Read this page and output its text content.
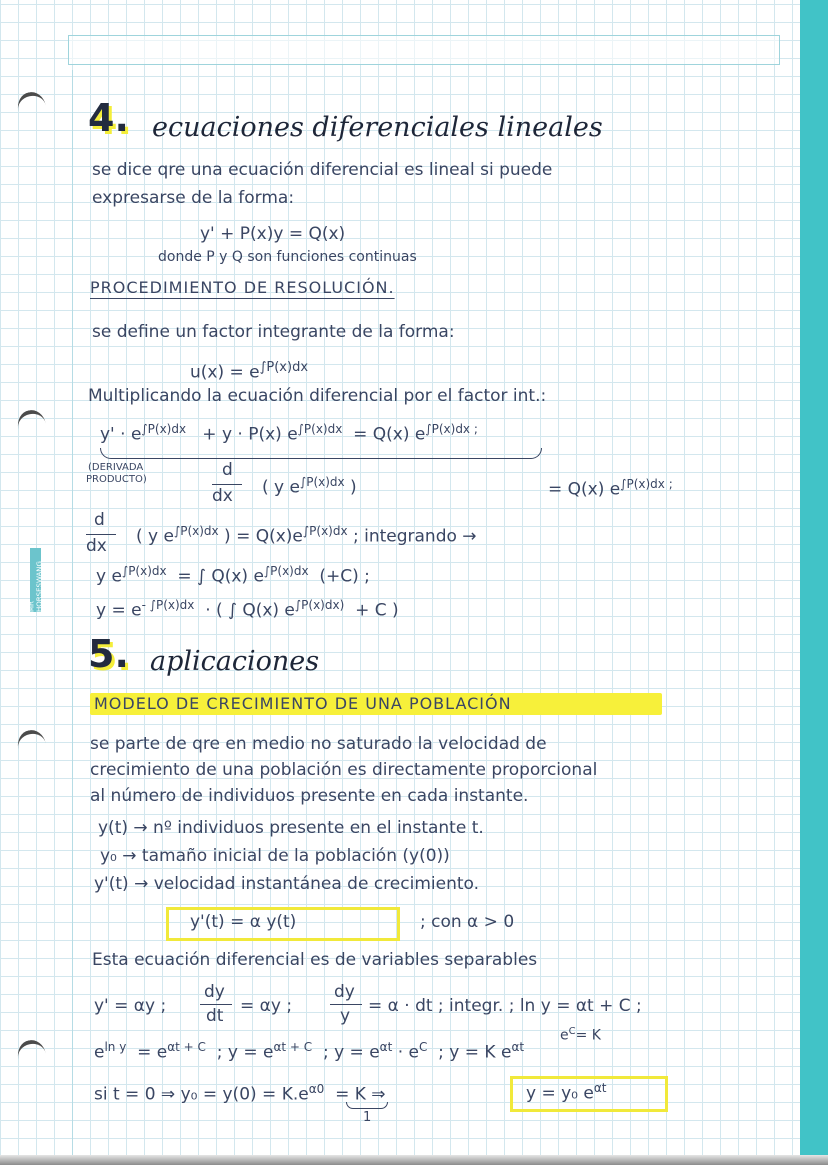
MR HORSESWANG
4. ecuaciones diferenciales lineales
se dice qre una ecuación diferencial es lineal si puede
expresarse de la forma:
y' + P(x)y = Q(x)
donde P y Q son funciones continuas
PROCEDIMIENTO DE RESOLUCIÓN.
se define un factor integrante de la forma:
$u(x) = e^{\int P(x)dx}$
Multiplicando la ecuación diferencial por el factor int.:
$y' \cdot e^{\int P(x)dx} + y \cdot P(x) e^{\int P(x)dx} = Q(x)$ $e^{\int P(x)dx ;}$
(DERIVADA
PRODUCTO)	d
dx ( y $e^{\int P(x)dx}$ )	= Q(x) $e^{\int P(x)dx ;}$
d
dx ( y $e^{\int P(x)dx}$ ) = $Q(x)e^{\int P(x)dx}$ ; integrando →
y $e^{\int P(x)dx}$ = ∫ Q(x) $e^{\int P(x)dx}$ (+C) ;
$y = e^{- \int P(x)dx}$ · ( ∫ Q(x) $e^{\int P(x)dx)} + C$ )
5. aplicaciones
MODELO DE CRECIMIENTO DE UNA POBLACIÓN
se parte de qre en medio no saturado la velocidad de
crecimiento de una población es directamente proporcional
al número de individuos presente en cada instante.
y(t) → nº individuos presente en el instante t.
y₀ → tamaño inicial de la población (y(0))
y'(t) → velocidad instantánea de crecimiento.
y'(t) = α y(t)	; con α > 0
Esta ecuación diferencial es de variables separables
y' = αy ;
dy
dt = αy ;
dy
y = α · dt ; integr. ; ln y = αt + C ;
$e^C= K$
$e^{ln y} = e^{\alpha t + C}$ ; $y = e^{\alpha t + C}$ ; $y = e^{\alpha t} \cdot e^C$ ; y = K $e^{\alpha t}$
si t = 0 ⇒ $y_0 = y(0) = K.e^{\alpha 0} = K$ ⇒
1
y = y₀ $e^{\alpha t}$
